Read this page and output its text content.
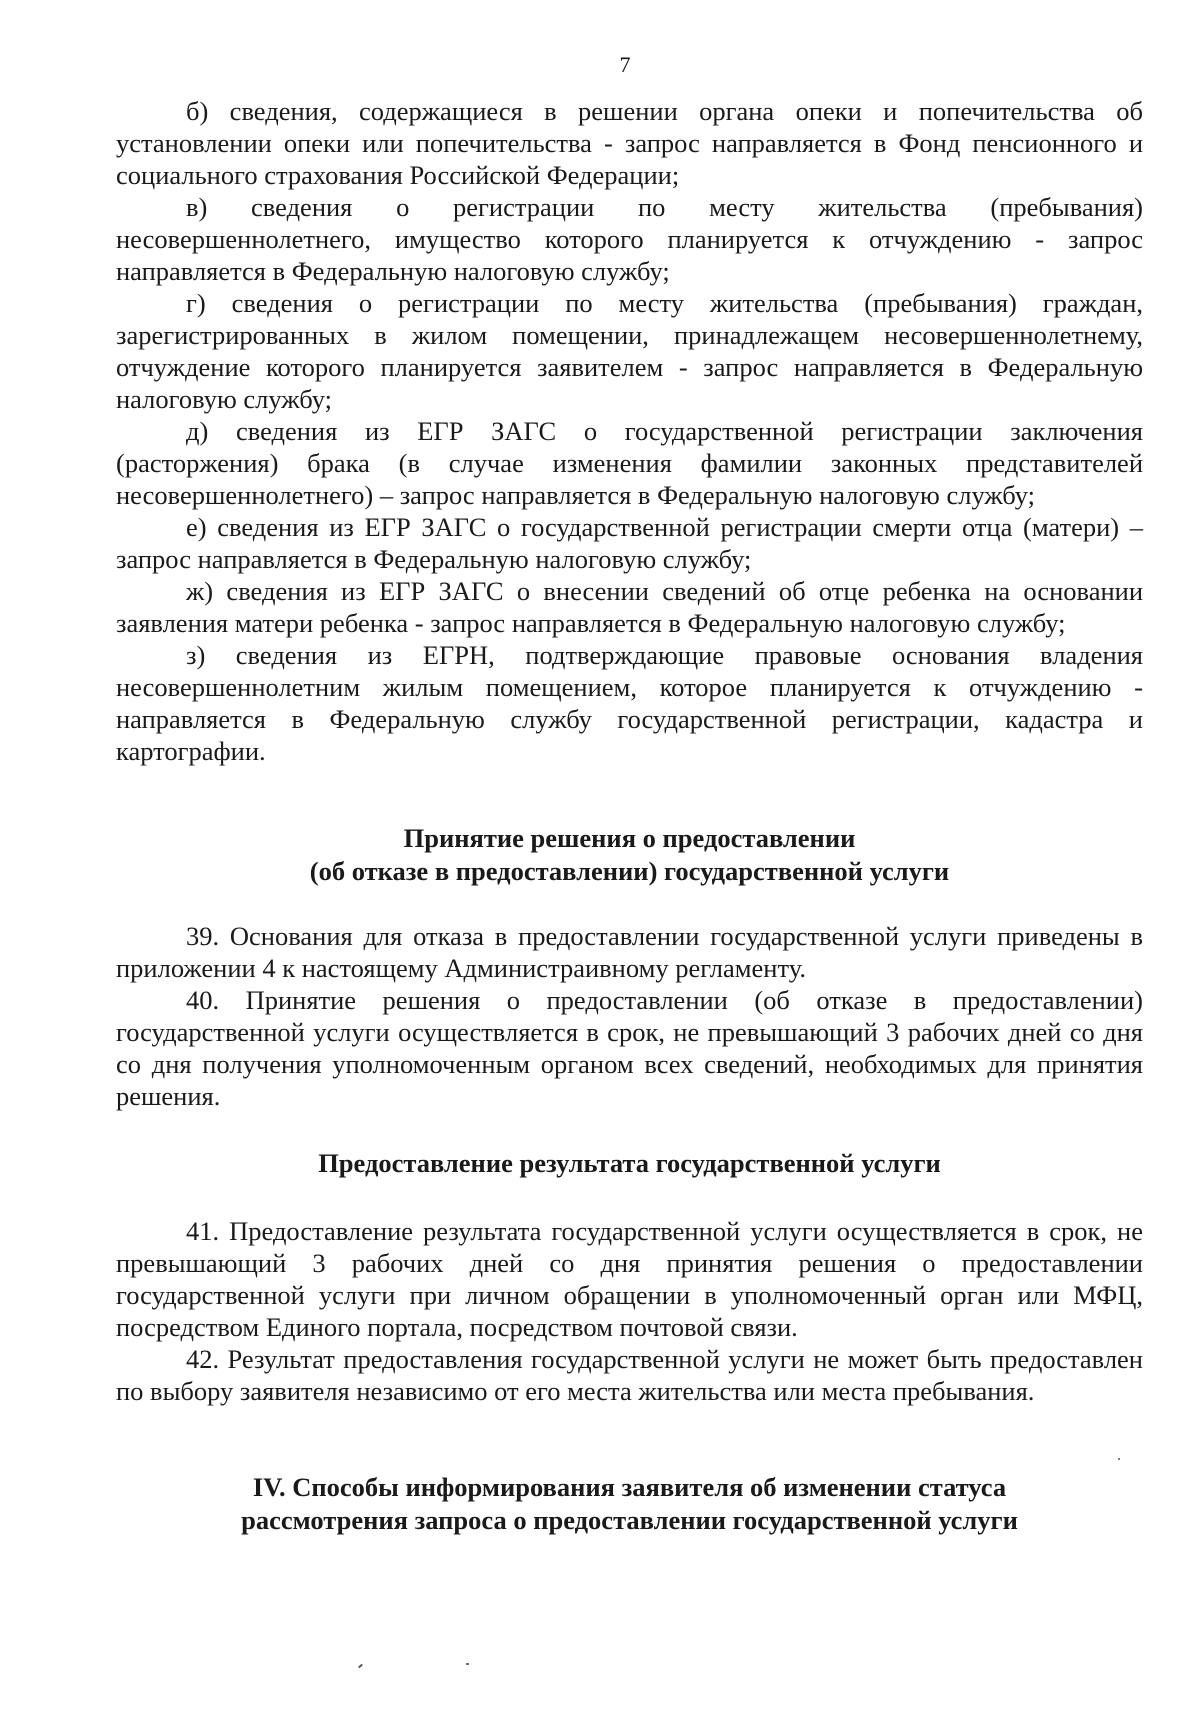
7

б) сведения, содержащиеся в решении органа опеки и попечительства об установлении опеки или попечительства - запрос направляется в Фонд пенсионного и социального страхования Российской Федерации;

в) сведения о регистрации по месту жительства (пребывания) несовершеннолетнего, имущество которого планируется к отчуждению - запрос направляется в Федеральную налоговую службу;

г) сведения о регистрации по месту жительства (пребывания) граждан, зарегистрированных в жилом помещении, принадлежащем несовершеннолетнему, отчуждение которого планируется заявителем - запрос направляется в Федеральную налоговую службу;

д) сведения из ЕГР ЗАГС о государственной регистрации заключения (расторжения) брака (в случае изменения фамилии законных представителей несовершеннолетнего) – запрос направляется в Федеральную налоговую службу;

е) сведения из ЕГР ЗАГС о государственной регистрации смерти отца (матери) – запрос направляется в Федеральную налоговую службу;

ж) сведения из ЕГР ЗАГС о внесении сведений об отце ребенка на основании заявления матери ребенка - запрос направляется в Федеральную налоговую службу;

з) сведения из ЕГРН, подтверждающие правовые основания владения несовершеннолетним жилым помещением, которое планируется к отчуждению - направляется в Федеральную службу государственной регистрации, кадастра и картографии.

Принятие решения о предоставлении
(об отказе в предоставлении) государственной услуги

39. Основания для отказа в предоставлении государственной услуги приведены в приложении 4 к настоящему Администраивному регламенту.

40. Принятие решения о предоставлении (об отказе в предоставлении) государственной услуги осуществляется в срок, не превышающий 3 рабочих дней со дня со дня получения уполномоченным органом всех сведений, необходимых для принятия решения.

Предоставление результата государственной услуги

41. Предоставление результата государственной услуги осуществляется в срок, не превышающий 3 рабочих дней со дня принятия решения о предоставлении государственной услуги при личном обращении в уполномоченный орган или МФЦ, посредством Единого портала, посредством почтовой связи.

42. Результат предоставления государственной услуги не может быть предоставлен по выбору заявителя независимо от его места жительства или места пребывания.

IV. Способы информирования заявителя об изменении статуса
рассмотрения запроса о предоставлении государственной услуги
